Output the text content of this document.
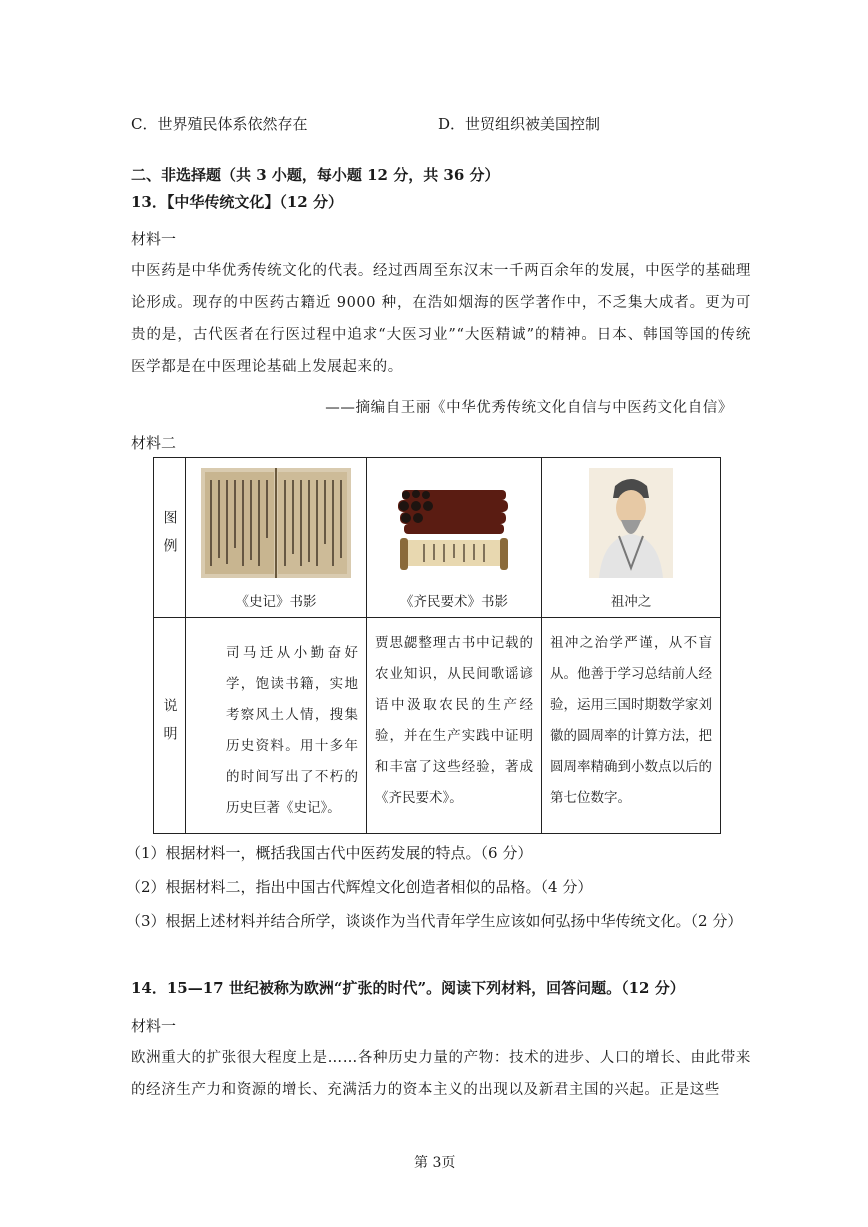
C．世界殖民体系依然存在	D．世贸组织被美国控制
二、非选择题（共 3 小题，每小题 12 分，共 36 分）
13．【中华传统文化】（12 分）
材料一
中医药是中华优秀传统文化的代表。经过西周至东汉末一千两百余年的发展，中医学的基础理论形成。现存的中医药古籍近 9000 种，在浩如烟海的医学著作中，不乏集大成者。更为可贵的是，古代医者在行医过程中追求“大医习业”“大医精诚”的精神。日本、韩国等国的传统医学都是在中医理论基础上发展起来的。
——摘编自王丽《中华优秀传统文化自信与中医药文化自信》
材料二
图例	《史记》书影	《齐民要术》书影	祖冲之

说明	司马迁从小勤奋好学，饱读书籍，实地考察风土人情，搜集历史资料。用十多年的时间写出了不朽的历史巨著《史记》。	贾思勰整理古书中记载的农业知识，从民间歌谣谚语中汲取农民的生产经验，并在生产实践中证明和丰富了这些经验，著成《齐民要术》。	祖冲之治学严谨，从不盲从。他善于学习总结前人经验，运用三国时期数学家刘徽的圆周率的计算方法，把圆周率精确到小数点以后的第七位数字。
（1）根据材料一，概括我国古代中医药发展的特点。（6 分）
（2）根据材料二，指出中国古代辉煌文化创造者相似的品格。（4 分）
（3）根据上述材料并结合所学，谈谈作为当代青年学生应该如何弘扬中华传统文化。（2 分）
14．15—17 世纪被称为欧洲“扩张的时代”。阅读下列材料，回答问题。（12 分）
材料一
欧洲重大的扩张很大程度上是……各种历史力量的产物：技术的进步、人口的增长、由此带来的经济生产力和资源的增长、充满活力的资本主义的出现以及新君主国的兴起。正是这些
第 3页
